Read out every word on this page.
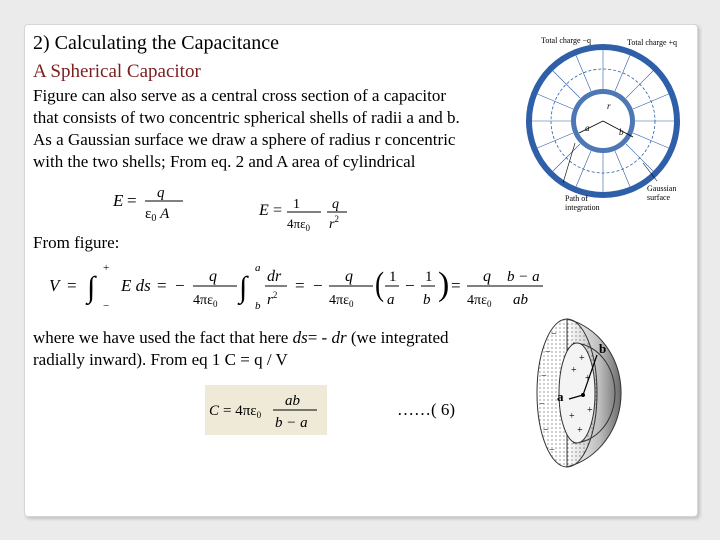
2) Calculating the Capacitance
A Spherical Capacitor
Figure can also serve as a central cross section of a capacitor
that consists of two concentric spherical shells of radii a and b.
As a Gaussian surface we draw a sphere of radius r concentric
with the two shells; From eq. 2 and A area of cylindrical
E = q
$\varepsilon_0$ A	E = 1
$4\pi\varepsilon_0$
q
$r^2$
From figure:
V = ∫
+
−
E ds = − q
$4\pi\varepsilon_0$ ∫
a
b
dr
$r^2$ = − q
$4\pi\varepsilon_0$
( 1
a
− 1
b ) = q
$4\pi\varepsilon_0$
b − a
ab
where we have used the fact that here ds= - dr (we integrated
radially inward). From eq 1 C = q / V
$C = 4\pi\varepsilon_0$
ab
b − a
……( 6)
Total charge −q	Total charge +q
a	b
r
Gaussian
surface
Path of
integration
a
b
−
−
−
−
−
−
+
+
+
+
+
+
